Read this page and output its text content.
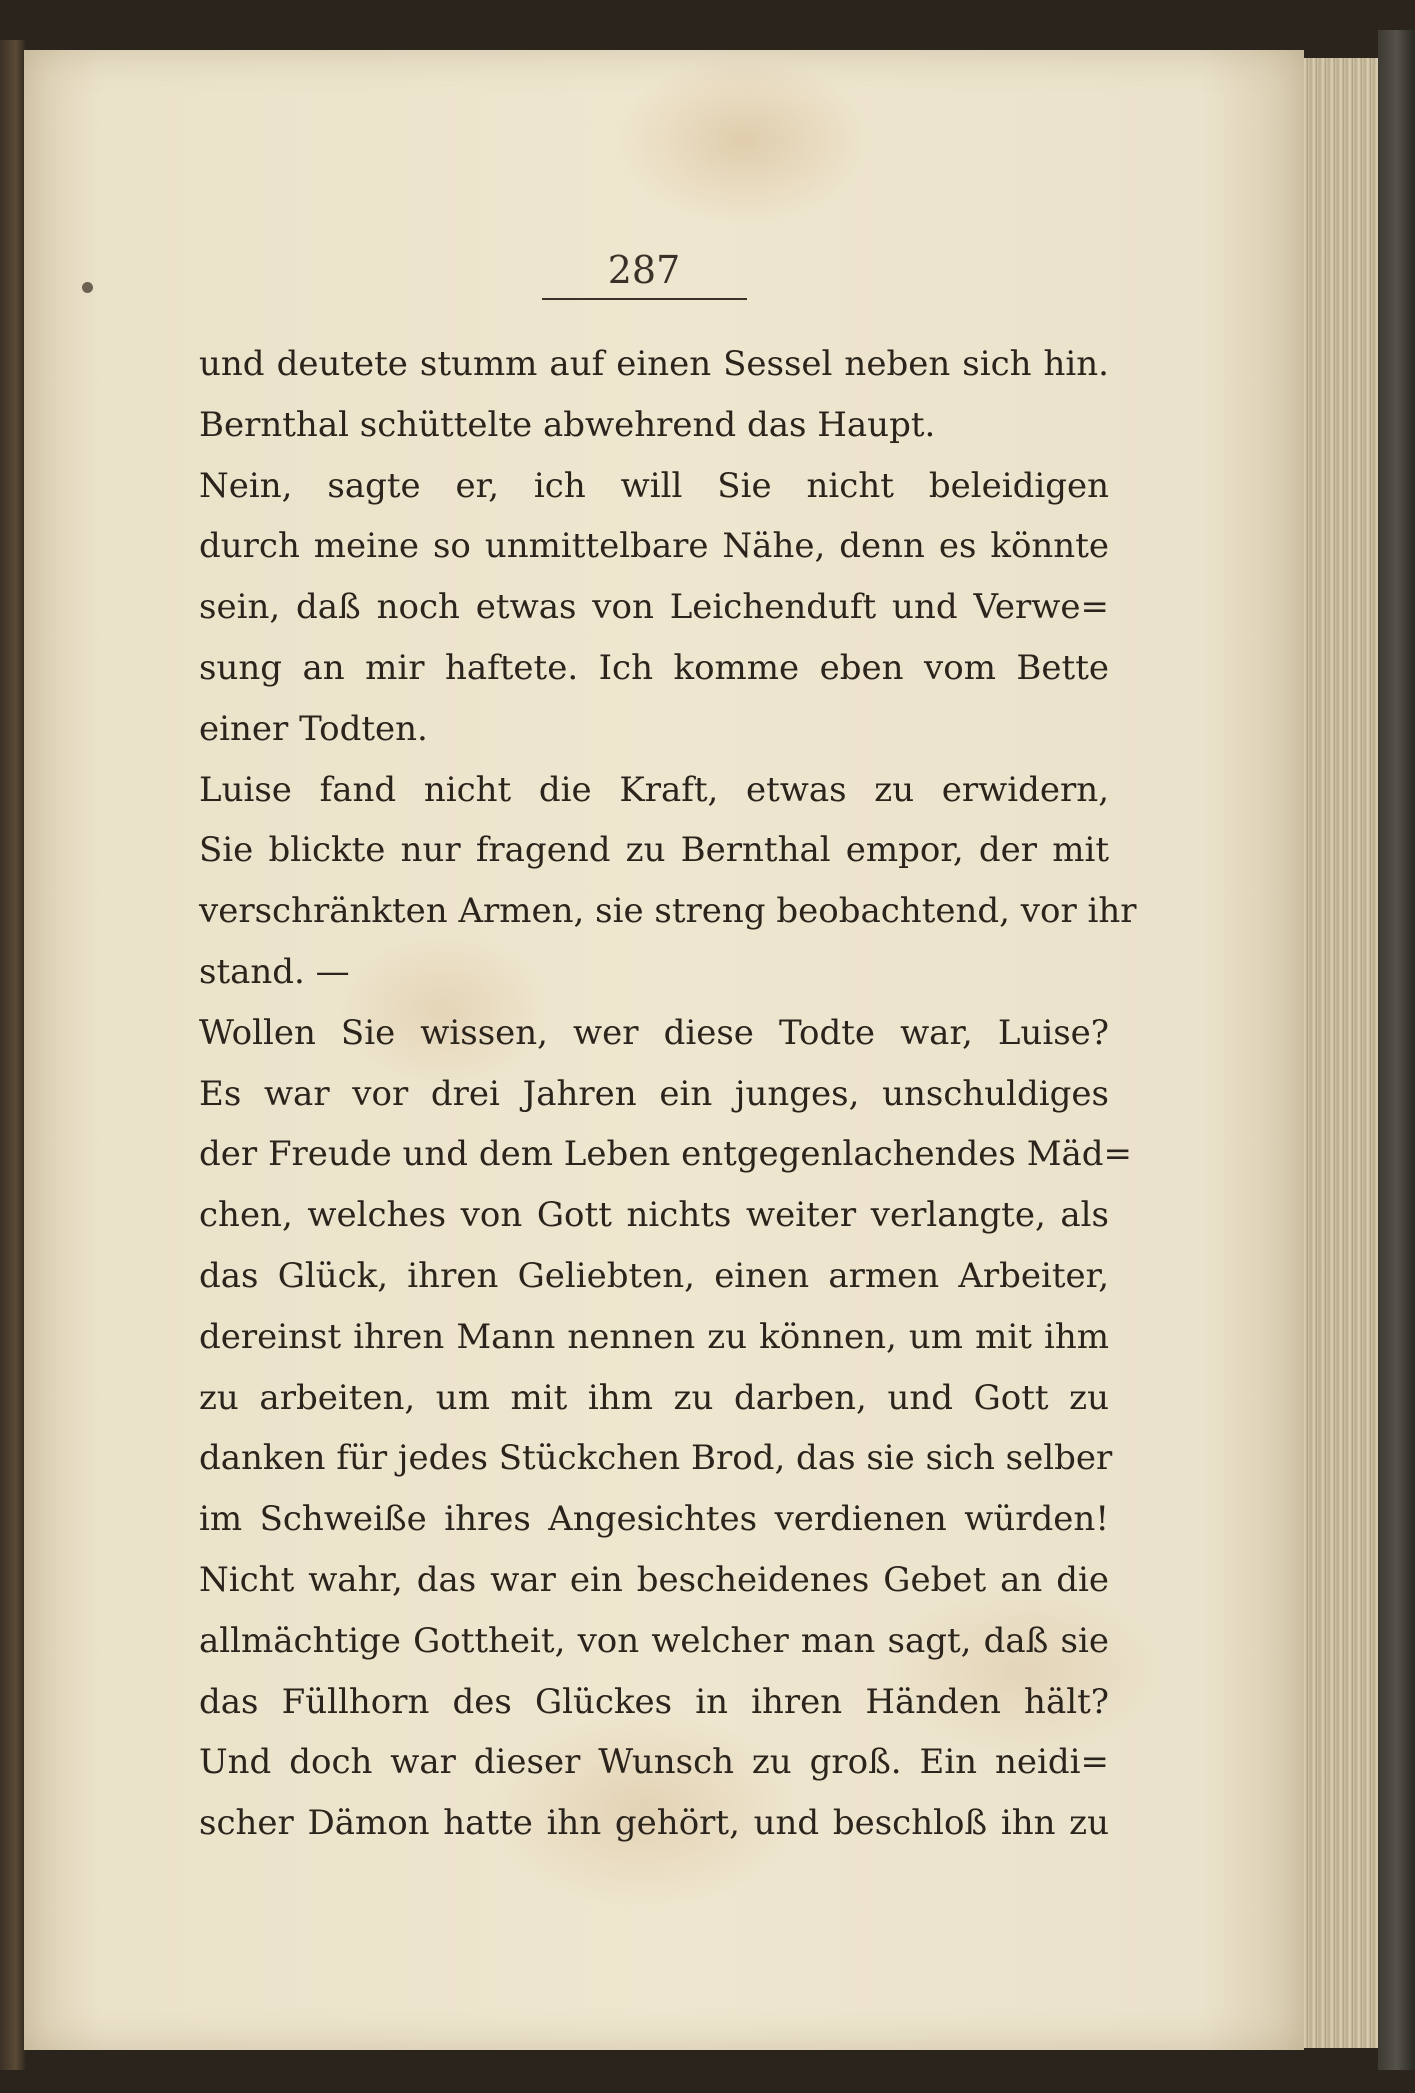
287
und deutete stumm auf einen Sessel neben sich hin.
Bernthal schüttelte abwehrend das Haupt.
Nein, sagte er, ich will Sie nicht beleidigen
durch meine so unmittelbare Nähe, denn es könnte
sein, daß noch etwas von Leichenduft und Verwe=
sung an mir haftete. Ich komme eben vom Bette
einer Todten.
Luise fand nicht die Kraft, etwas zu erwidern,
Sie blickte nur fragend zu Bernthal empor, der mit
verschränkten Armen, sie streng beobachtend, vor ihr
stand. —
Wollen Sie wissen, wer diese Todte war, Luise?
Es war vor drei Jahren ein junges, unschuldiges
der Freude und dem Leben entgegenlachendes Mäd=
chen, welches von Gott nichts weiter verlangte, als
das Glück, ihren Geliebten, einen armen Arbeiter,
dereinst ihren Mann nennen zu können, um mit ihm
zu arbeiten, um mit ihm zu darben, und Gott zu
danken für jedes Stückchen Brod, das sie sich selber
im Schweiße ihres Angesichtes verdienen würden!
Nicht wahr, das war ein bescheidenes Gebet an die
allmächtige Gottheit, von welcher man sagt, daß sie
das Füllhorn des Glückes in ihren Händen hält?
Und doch war dieser Wunsch zu groß. Ein neidi=
scher Dämon hatte ihn gehört, und beschloß ihn zu
